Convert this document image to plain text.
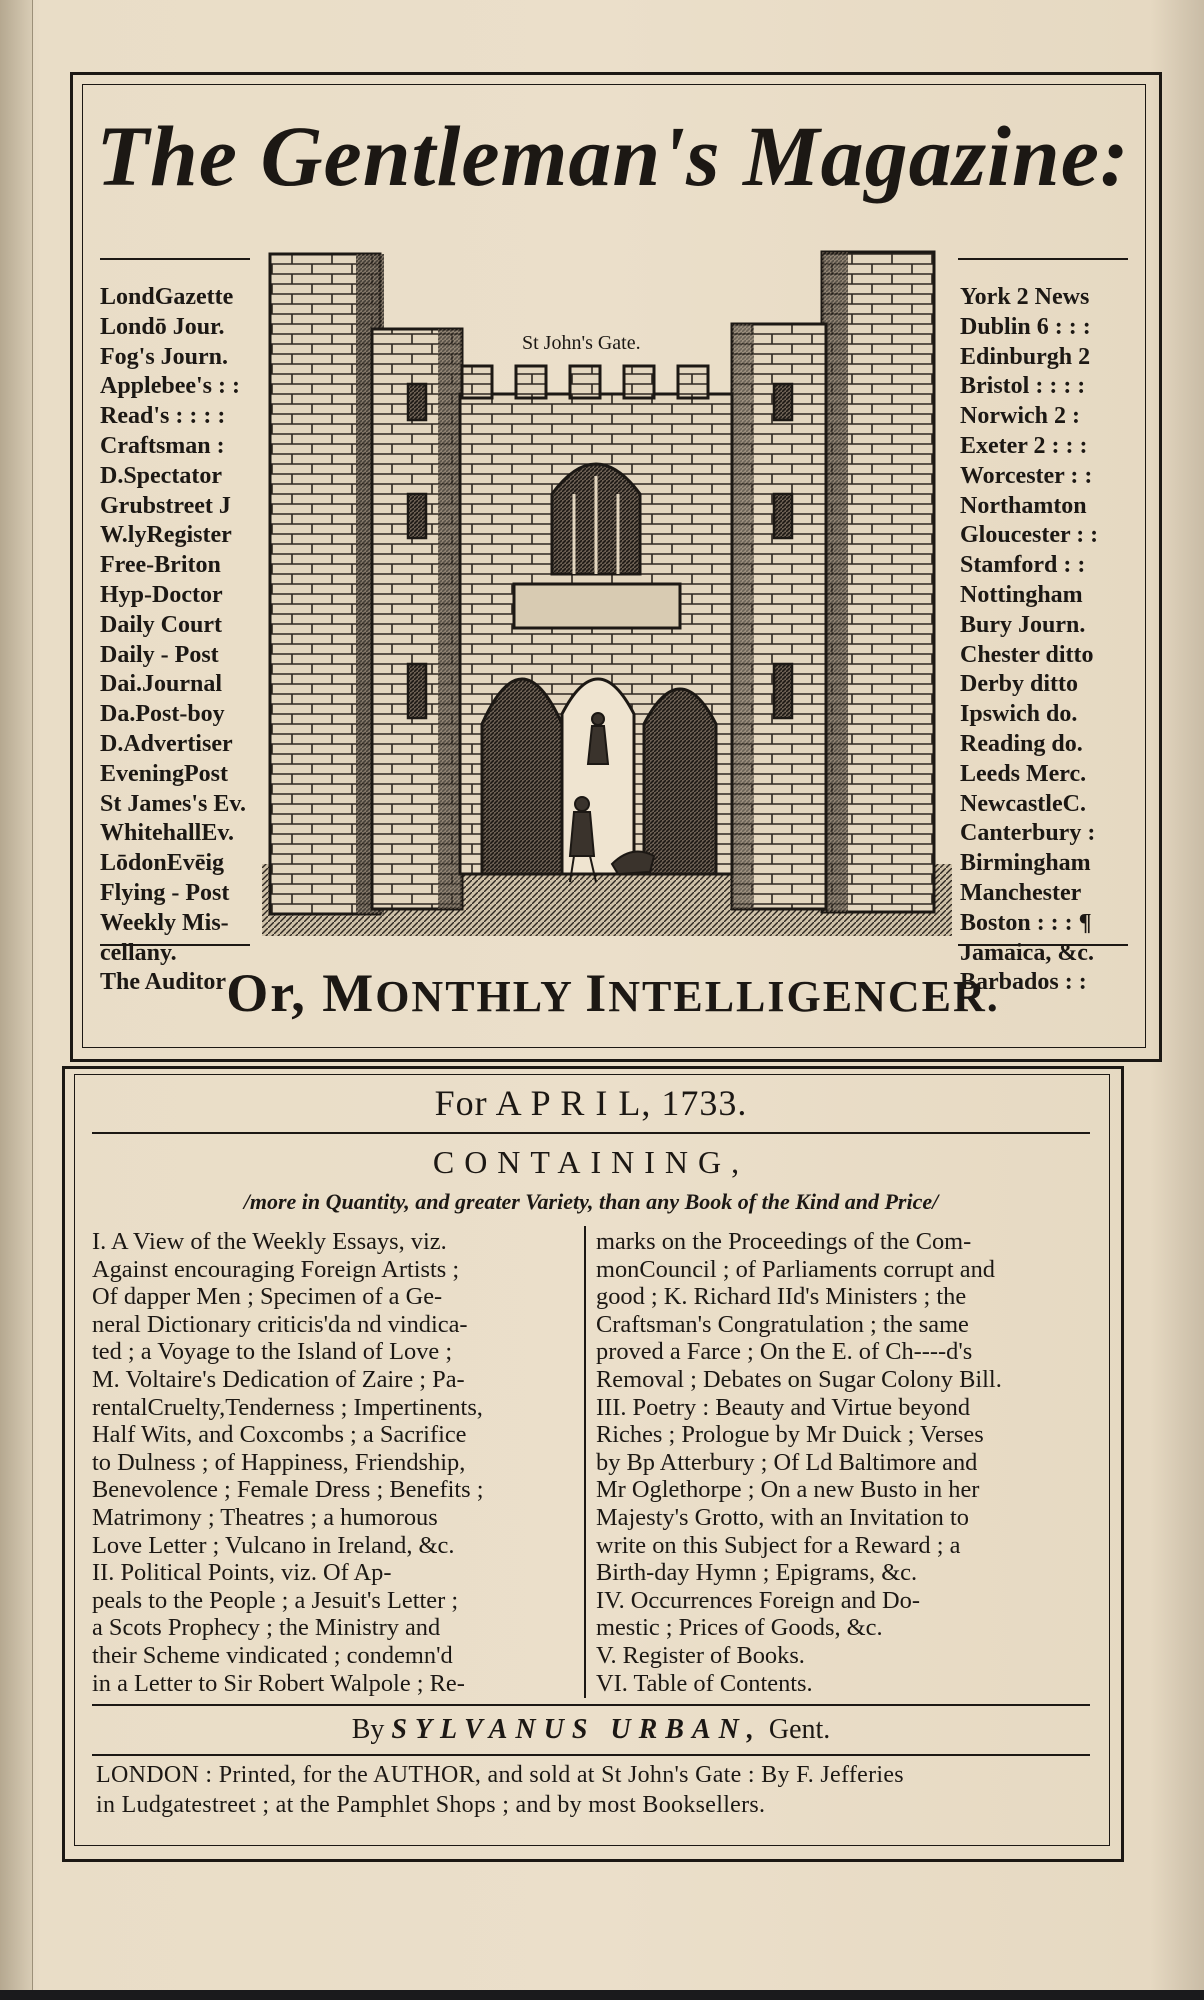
The Gentleman's Magazine:
LondGazette
Londō Jour.
Fog's Journ.
Applebee's : :
Read's : : : :
Craftsman :
D.Spectator
Grubstreet J
W.lyRegister
Free-Briton
Hyp-Doctor
Daily Court
Daily - Post
Dai.Journal
Da.Post-boy
D.Advertiser
EveningPost
St James's Ev.
WhitehallEv.
LōdonEvēig
Flying - Post
Weekly Mis-
cellany.
The Auditor
York 2 News
Dublin 6 : : :
Edinburgh 2
Bristol : : : :
Norwich 2 :
Exeter 2 : : :
Worcester : :
Northamton
Gloucester : :
Stamford : :
Nottingham
Bury Journ.
Chester ditto
Derby ditto
Ipswich do.
Reading do.
Leeds Merc.
NewcastleC.
Canterbury :
Birmingham
Manchester
Boston : : : ¶
Jamaica, &c.
Barbados : :
St John's Gate.
Or, MONTHLY INTELLIGENCER.
For A P R I L, 1733.
CONTAINING,
/more in Quantity, and greater Variety, than any Book of the Kind and Price/

I. A View of the Weekly Essays, viz.

Against encouraging Foreign Artists ;

Of dapper Men ; Specimen of a Ge-

neral Dictionary criticis'da nd vindica-

ted ; a Voyage to the Island of Love ;

M. Voltaire's Dedication of Zaire ; Pa-

rentalCruelty,Tenderness ; Impertinents,

Half Wits, and Coxcombs ; a Sacrifice

to Dulness ; of Happiness, Friendship,

Benevolence ; Female Dress ; Benefits ;

Matrimony ; Theatres ; a humorous

Love Letter ; Vulcano in Ireland, &c.

II. Political Points, viz. Of Ap-

peals to the People ; a Jesuit's Letter ;

a Scots Prophecy ; the Ministry and

their Scheme vindicated ; condemn'd

in a Letter to Sir Robert Walpole ; Re-

marks on the Proceedings of the Com-

monCouncil ; of Parliaments corrupt and

good ; K. Richard IId's Ministers ; the

Craftsman's Congratulation ; the same

proved a Farce ; On the E. of Ch----d's

Removal ; Debates on Sugar Colony Bill.

III. Poetry : Beauty and Virtue beyond

Riches ; Prologue by Mr Duick ; Verses

by Bp Atterbury ; Of Ld Baltimore and

Mr Oglethorpe ; On a new Busto in her

Majesty's Grotto, with an Invitation to

write on this Subject for a Reward ; a

Birth-day Hymn ; Epigrams, &c.

IV. Occurrences Foreign and Do-

mestic ; Prices of Goods, &c.

V. Register of Books.

VI. Table of Contents.

By SYLVANUS URBAN, Gent.
LONDON : Printed, for the AUTHOR, and sold at St John's Gate : By F. Jefferies
in Ludgatestreet ; at the Pamphlet Shops ; and by most Booksellers.
